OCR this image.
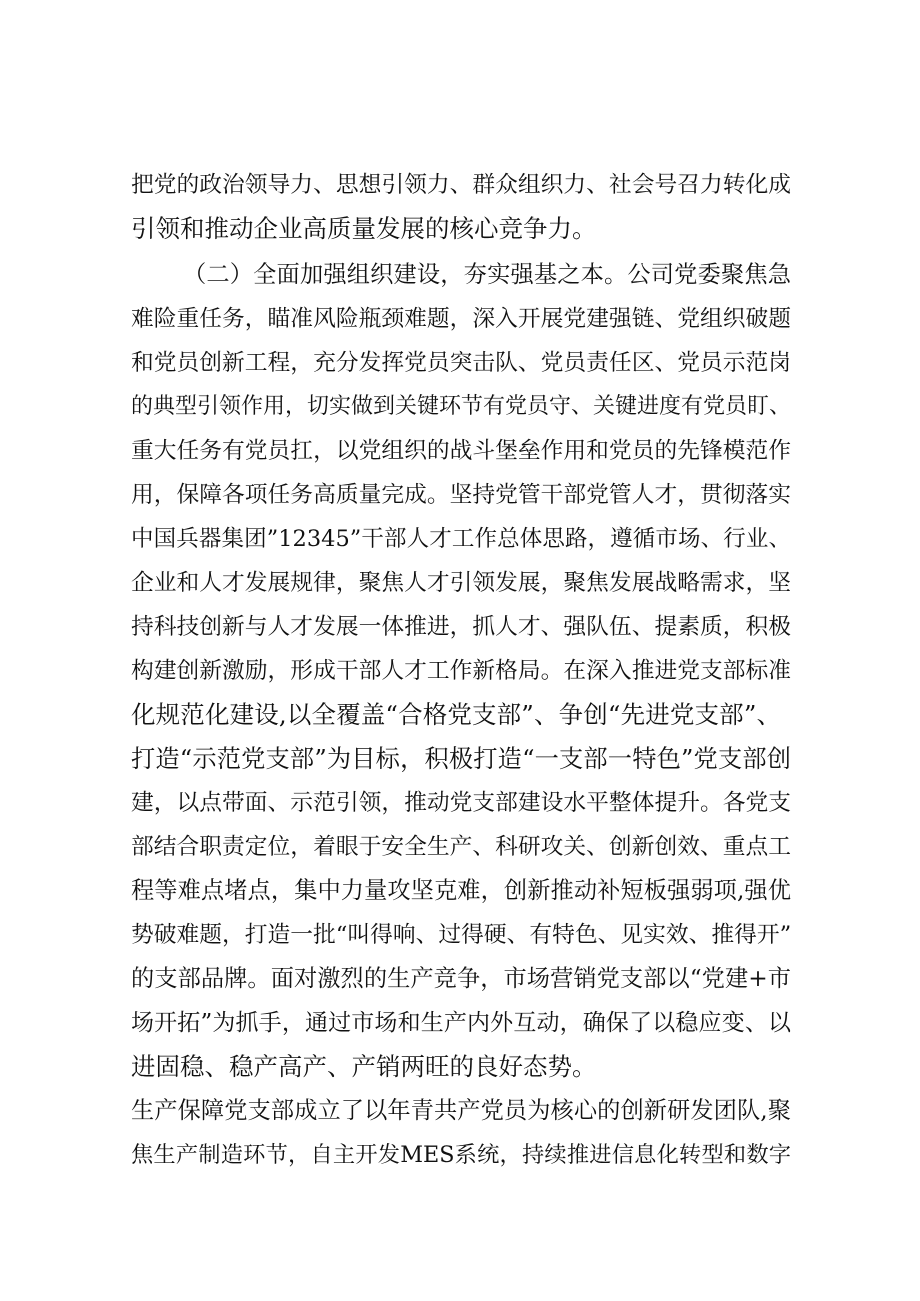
把党的政治领导力、思想引领力、群众组织力、社会号召力转化成
引领和推动企业高质量发展的核心竞争力。
（二）全面加强组织建设，夯实强基之本。公司党委聚焦急
难险重任务，瞄准风险瓶颈难题，深入开展党建强链、党组织破题
和党员创新工程，充分发挥党员突击队、党员责任区、党员示范岗
的典型引领作用，切实做到关键环节有党员守、关键进度有党员盯、
重大任务有党员扛，以党组织的战斗堡垒作用和党员的先锋模范作
用，保障各项任务高质量完成。坚持党管干部党管人才，贯彻落实
中国兵器集团”12345”干部人才工作总体思路，遵循市场、行业、
企业和人才发展规律，聚焦人才引领发展，聚焦发展战略需求，坚
持科技创新与人才发展一体推进，抓人才、强队伍、提素质，积极
构建创新激励，形成干部人才工作新格局。在深入推进党支部标准
化规范化建设,以全覆盖“合格党支部”、争创“先进党支部”、
打造“示范党支部”为目标，积极打造“一支部一特色”党支部创
建，以点带面、示范引领，推动党支部建设水平整体提升。各党支
部结合职责定位，着眼于安全生产、科研攻关、创新创效、重点工
程等难点堵点，集中力量攻坚克难，创新推动补短板强弱项,强优
势破难题，打造一批“叫得响、过得硬、有特色、见实效、推得开”
的支部品牌。面对激烈的生产竞争，市场营销党支部以“党建+市
场开拓”为抓手，通过市场和生产内外互动，确保了以稳应变、以
进固稳、稳产高产、产销两旺的良好态势。
生产保障党支部成立了以年青共产党员为核心的创新研发团队,聚
焦生产制造环节，自主开发MES系统，持续推进信息化转型和数字
